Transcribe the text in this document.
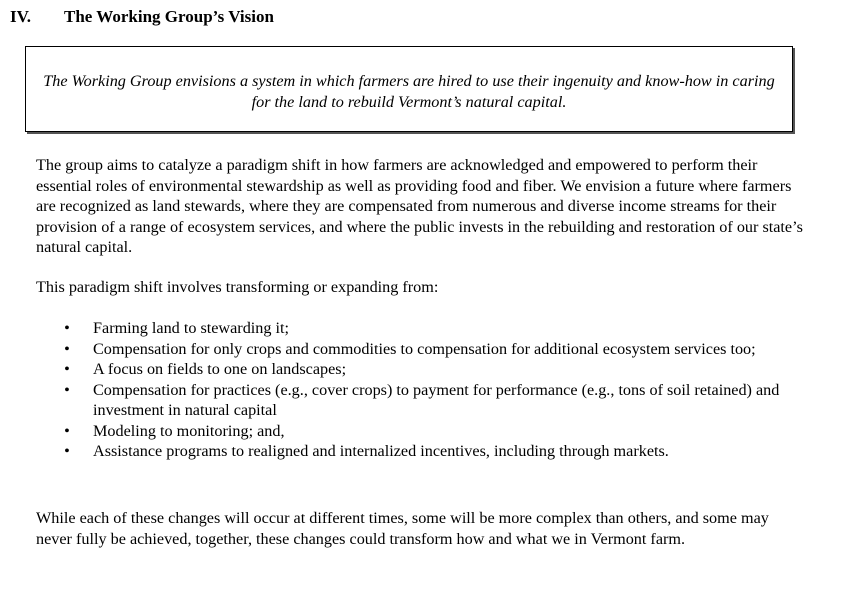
IV. The Working Group’s Vision
The Working Group envisions a system in which farmers are hired to use their ingenuity and know-how in caring for the land to rebuild Vermont’s natural capital.

The group aims to catalyze a paradigm shift in how farmers are acknowledged and empowered to perform their essential roles of environmental stewardship as well as providing food and fiber. We envision a future where farmers are recognized as land stewards, where they are compensated from numerous and diverse income streams for their provision of a range of ecosystem services, and where the public invests in the rebuilding and restoration of our state’s natural capital.

This paradigm shift involves transforming or expanding from:

• Farming land to stewarding it;
• Compensation for only crops and commodities to compensation for additional ecosystem services too;
• A focus on fields to one on landscapes;
• Compensation for practices (e.g., cover crops) to payment for performance (e.g., tons of soil retained) and investment in natural capital
• Modeling to monitoring; and,
• Assistance programs to realigned and internalized incentives, including through markets.

While each of these changes will occur at different times, some will be more complex than others, and some may never fully be achieved, together, these changes could transform how and what we in Vermont farm.
